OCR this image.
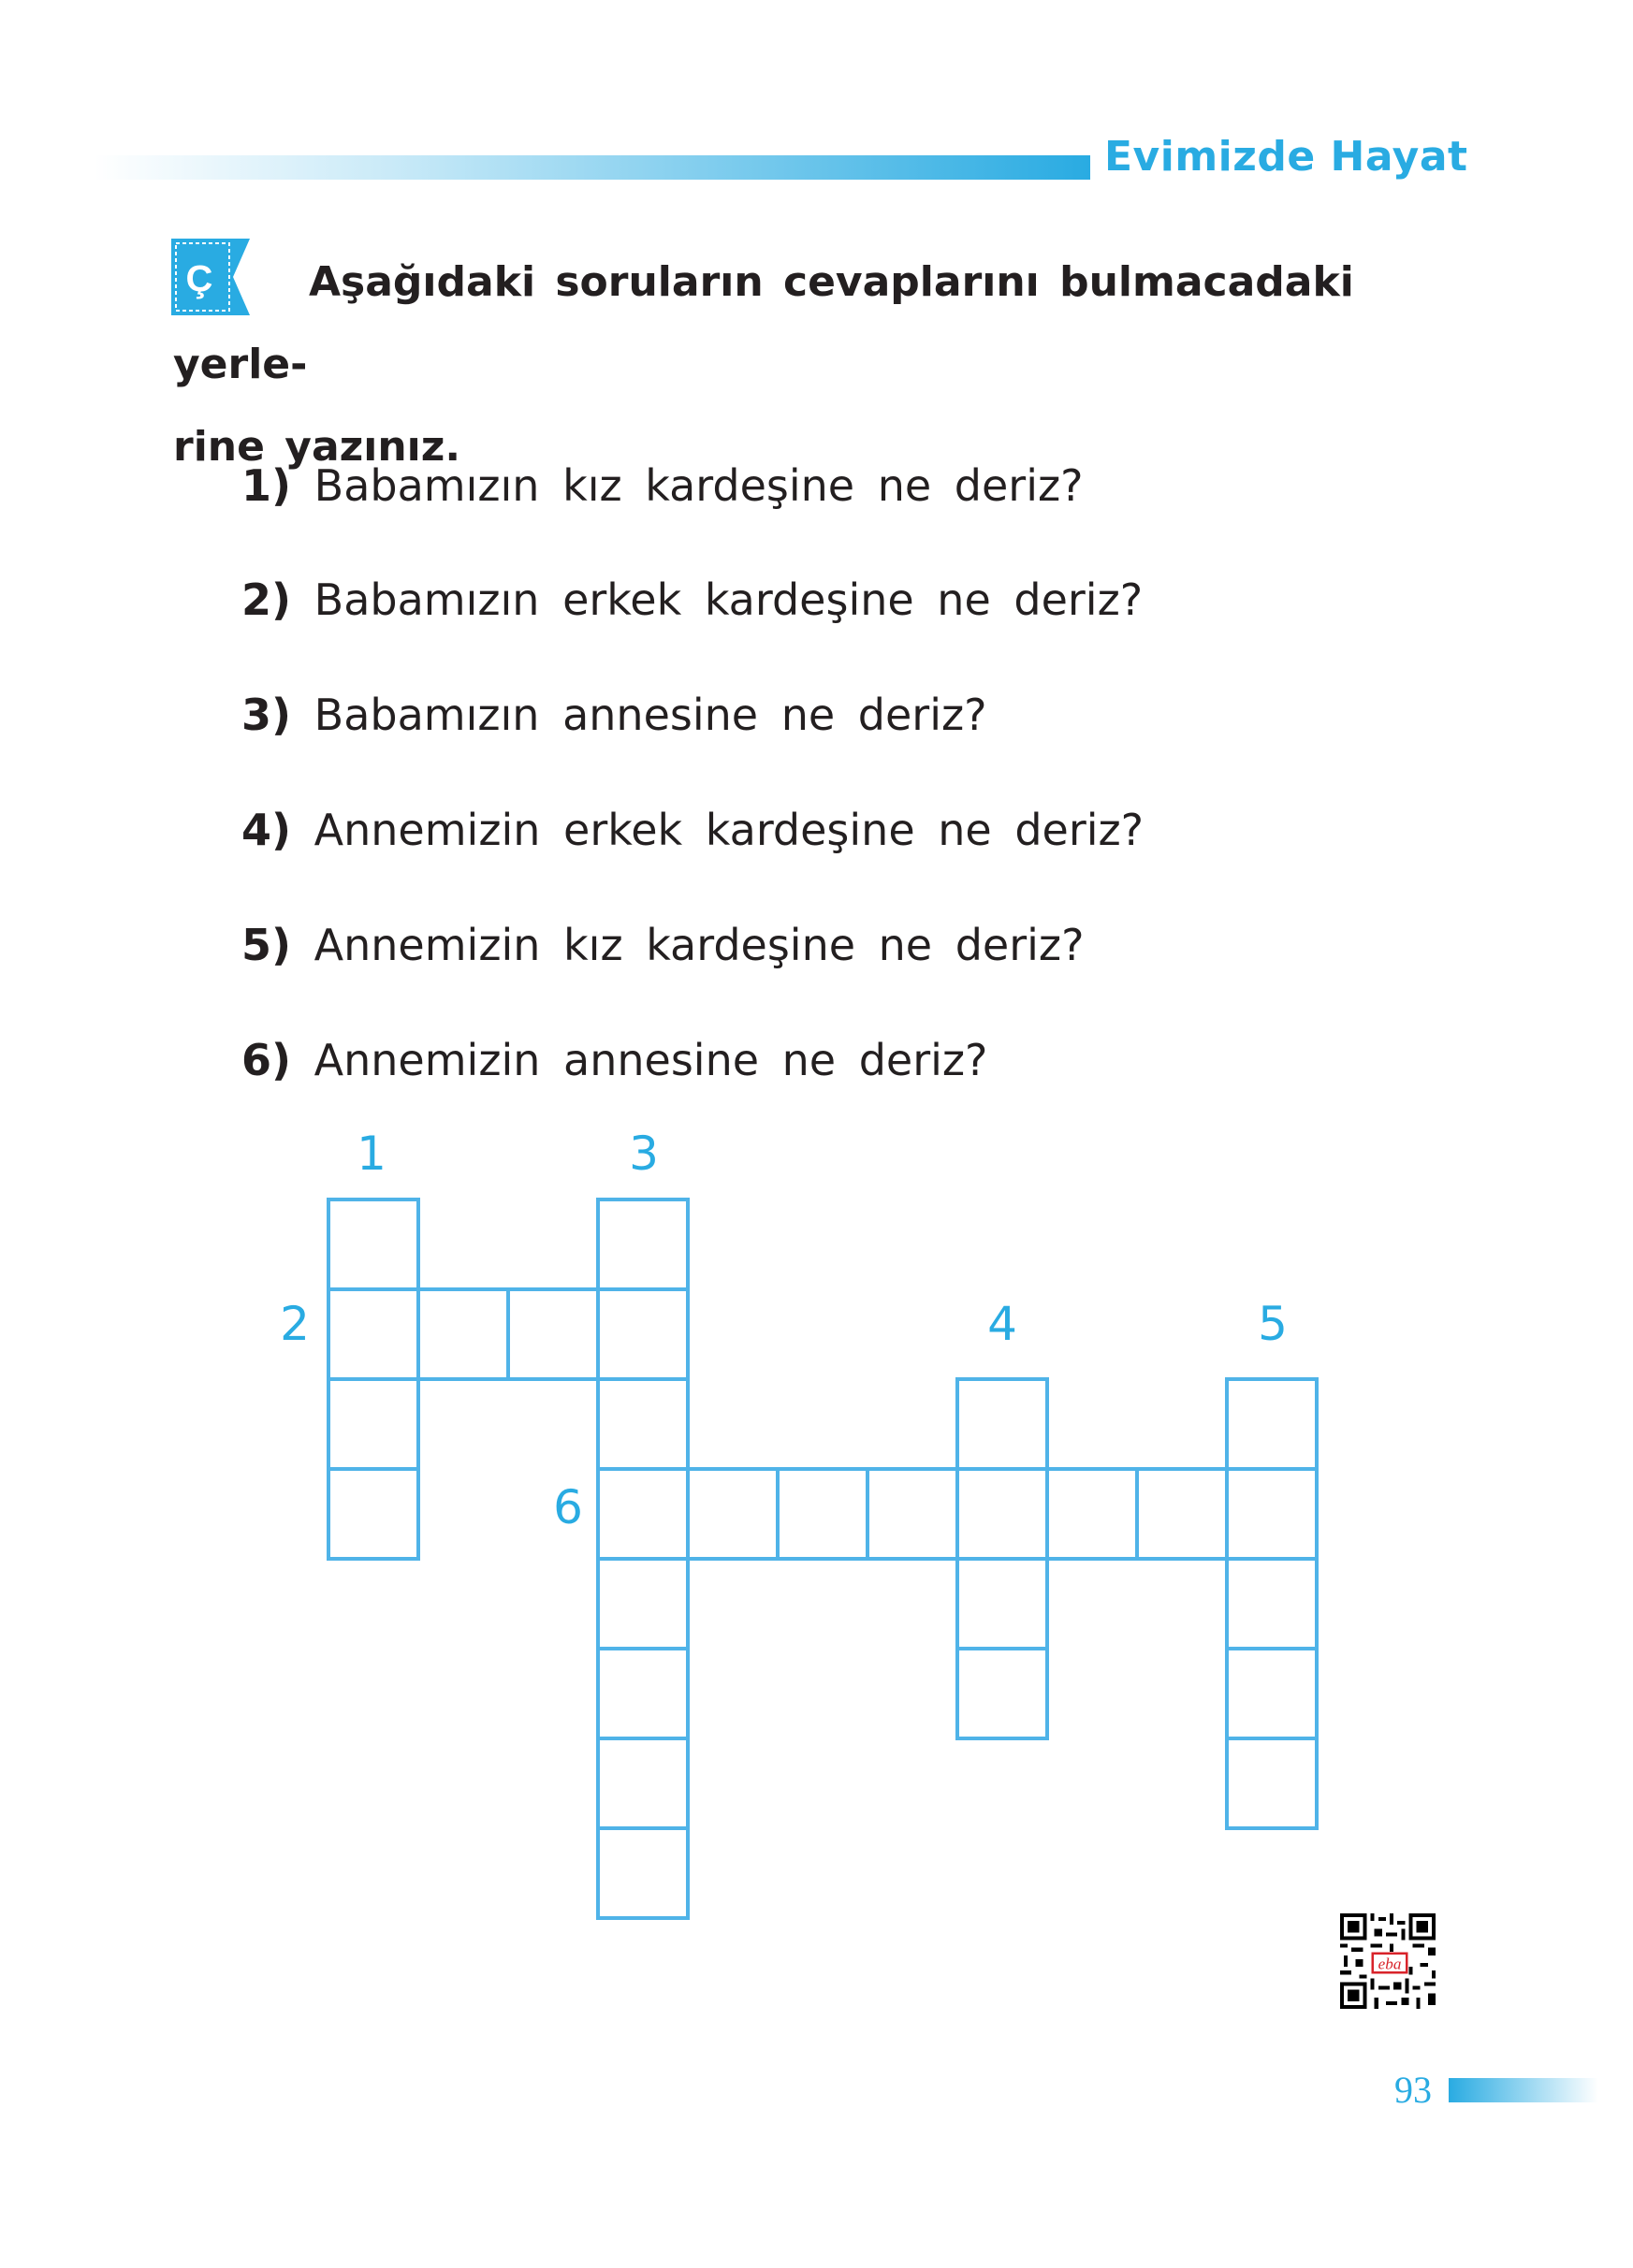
Evimizde Hayat
Ç	Aşağıdaki soruların cevaplarını bulmacadaki yerle-
rine yazınız.
1) Babamızın kız kardeşine ne deriz?
2) Babamızın erkek kardeşine ne deriz?
3) Babamızın annesine ne deriz?
4) Annemizin erkek kardeşine ne deriz?
5) Annemizin kız kardeşine ne deriz?
6) Annemizin annesine ne deriz?
1
2
3
4	5
6
eba
93
